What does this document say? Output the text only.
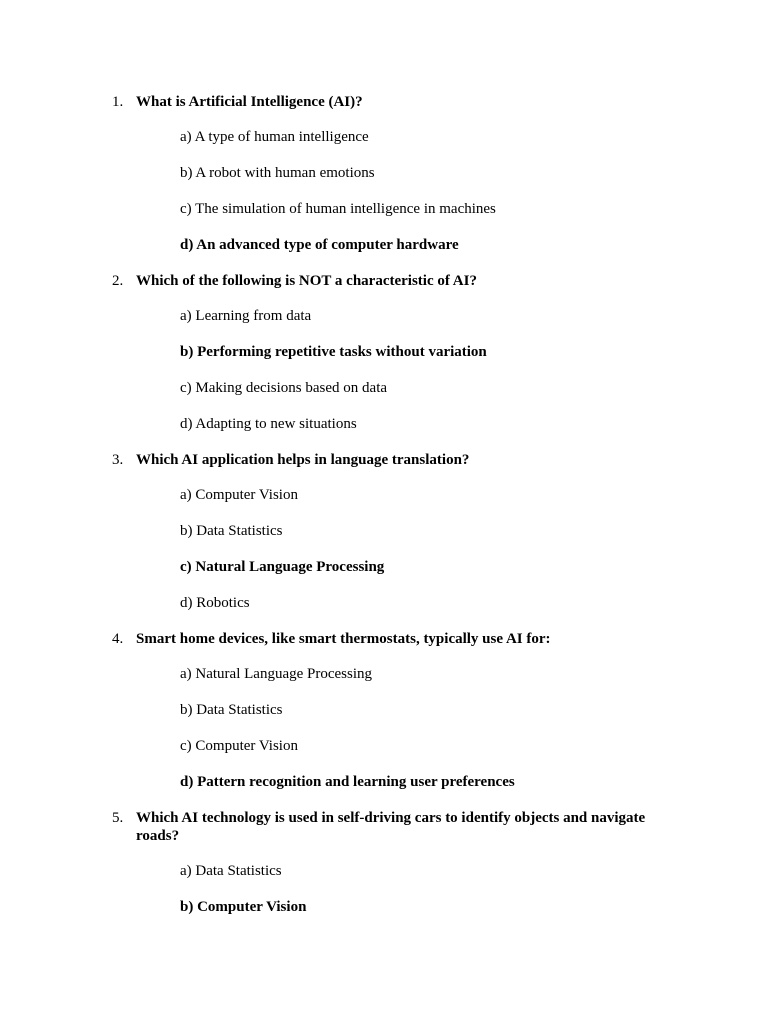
1. What is Artificial Intelligence (AI)?
a) A type of human intelligence
b) A robot with human emotions
c) The simulation of human intelligence in machines
d) An advanced type of computer hardware
2. Which of the following is NOT a characteristic of AI?
a) Learning from data
b) Performing repetitive tasks without variation
c) Making decisions based on data
d) Adapting to new situations
3. Which AI application helps in language translation?
a) Computer Vision
b) Data Statistics
c) Natural Language Processing
d) Robotics
4. Smart home devices, like smart thermostats, typically use AI for:
a) Natural Language Processing
b) Data Statistics
c) Computer Vision
d) Pattern recognition and learning user preferences
5. Which AI technology is used in self-driving cars to identify objects and navigate roads?
a) Data Statistics
b) Computer Vision
